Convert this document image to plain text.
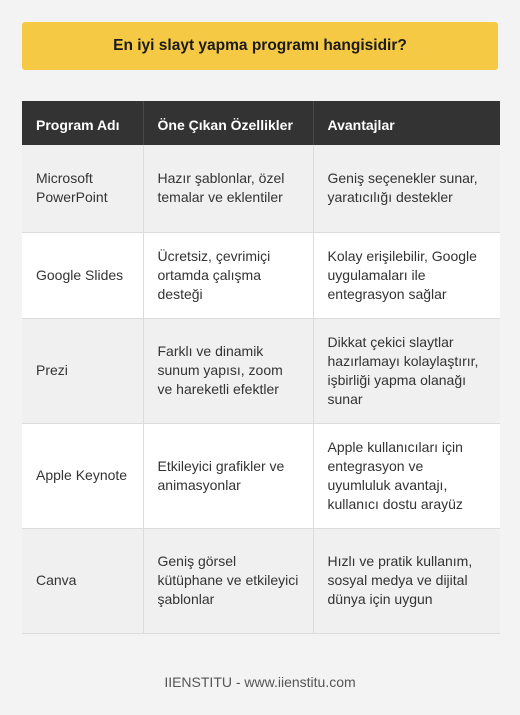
En iyi slayt yapma programı hangisidir?
Program Adı	Öne Çıkan Özellikler	Avantajlar
Microsoft PowerPoint	Hazır şablonlar, özel temalar ve eklentiler	Geniş seçenekler sunar, yaratıcılığı destekler
Google Slides	Ücretsiz, çevrimiçi ortamda çalışma desteği	Kolay erişilebilir, Google uygulamaları ile entegrasyon sağlar
Prezi	Farklı ve dinamik sunum yapısı, zoom ve hareketli efektler	Dikkat çekici slaytlar hazırlamayı kolaylaştırır, işbirliği yapma olanağı sunar
Apple Keynote	Etkileyici grafikler ve animasyonlar	Apple kullanıcıları için entegrasyon ve uyumluluk avantajı, kullanıcı dostu arayüz
Canva	Geniş görsel kütüphane ve etkileyici şablonlar	Hızlı ve pratik kullanım, sosyal medya ve dijital dünya için uygun
IIENSTITU - www.iienstitu.com
